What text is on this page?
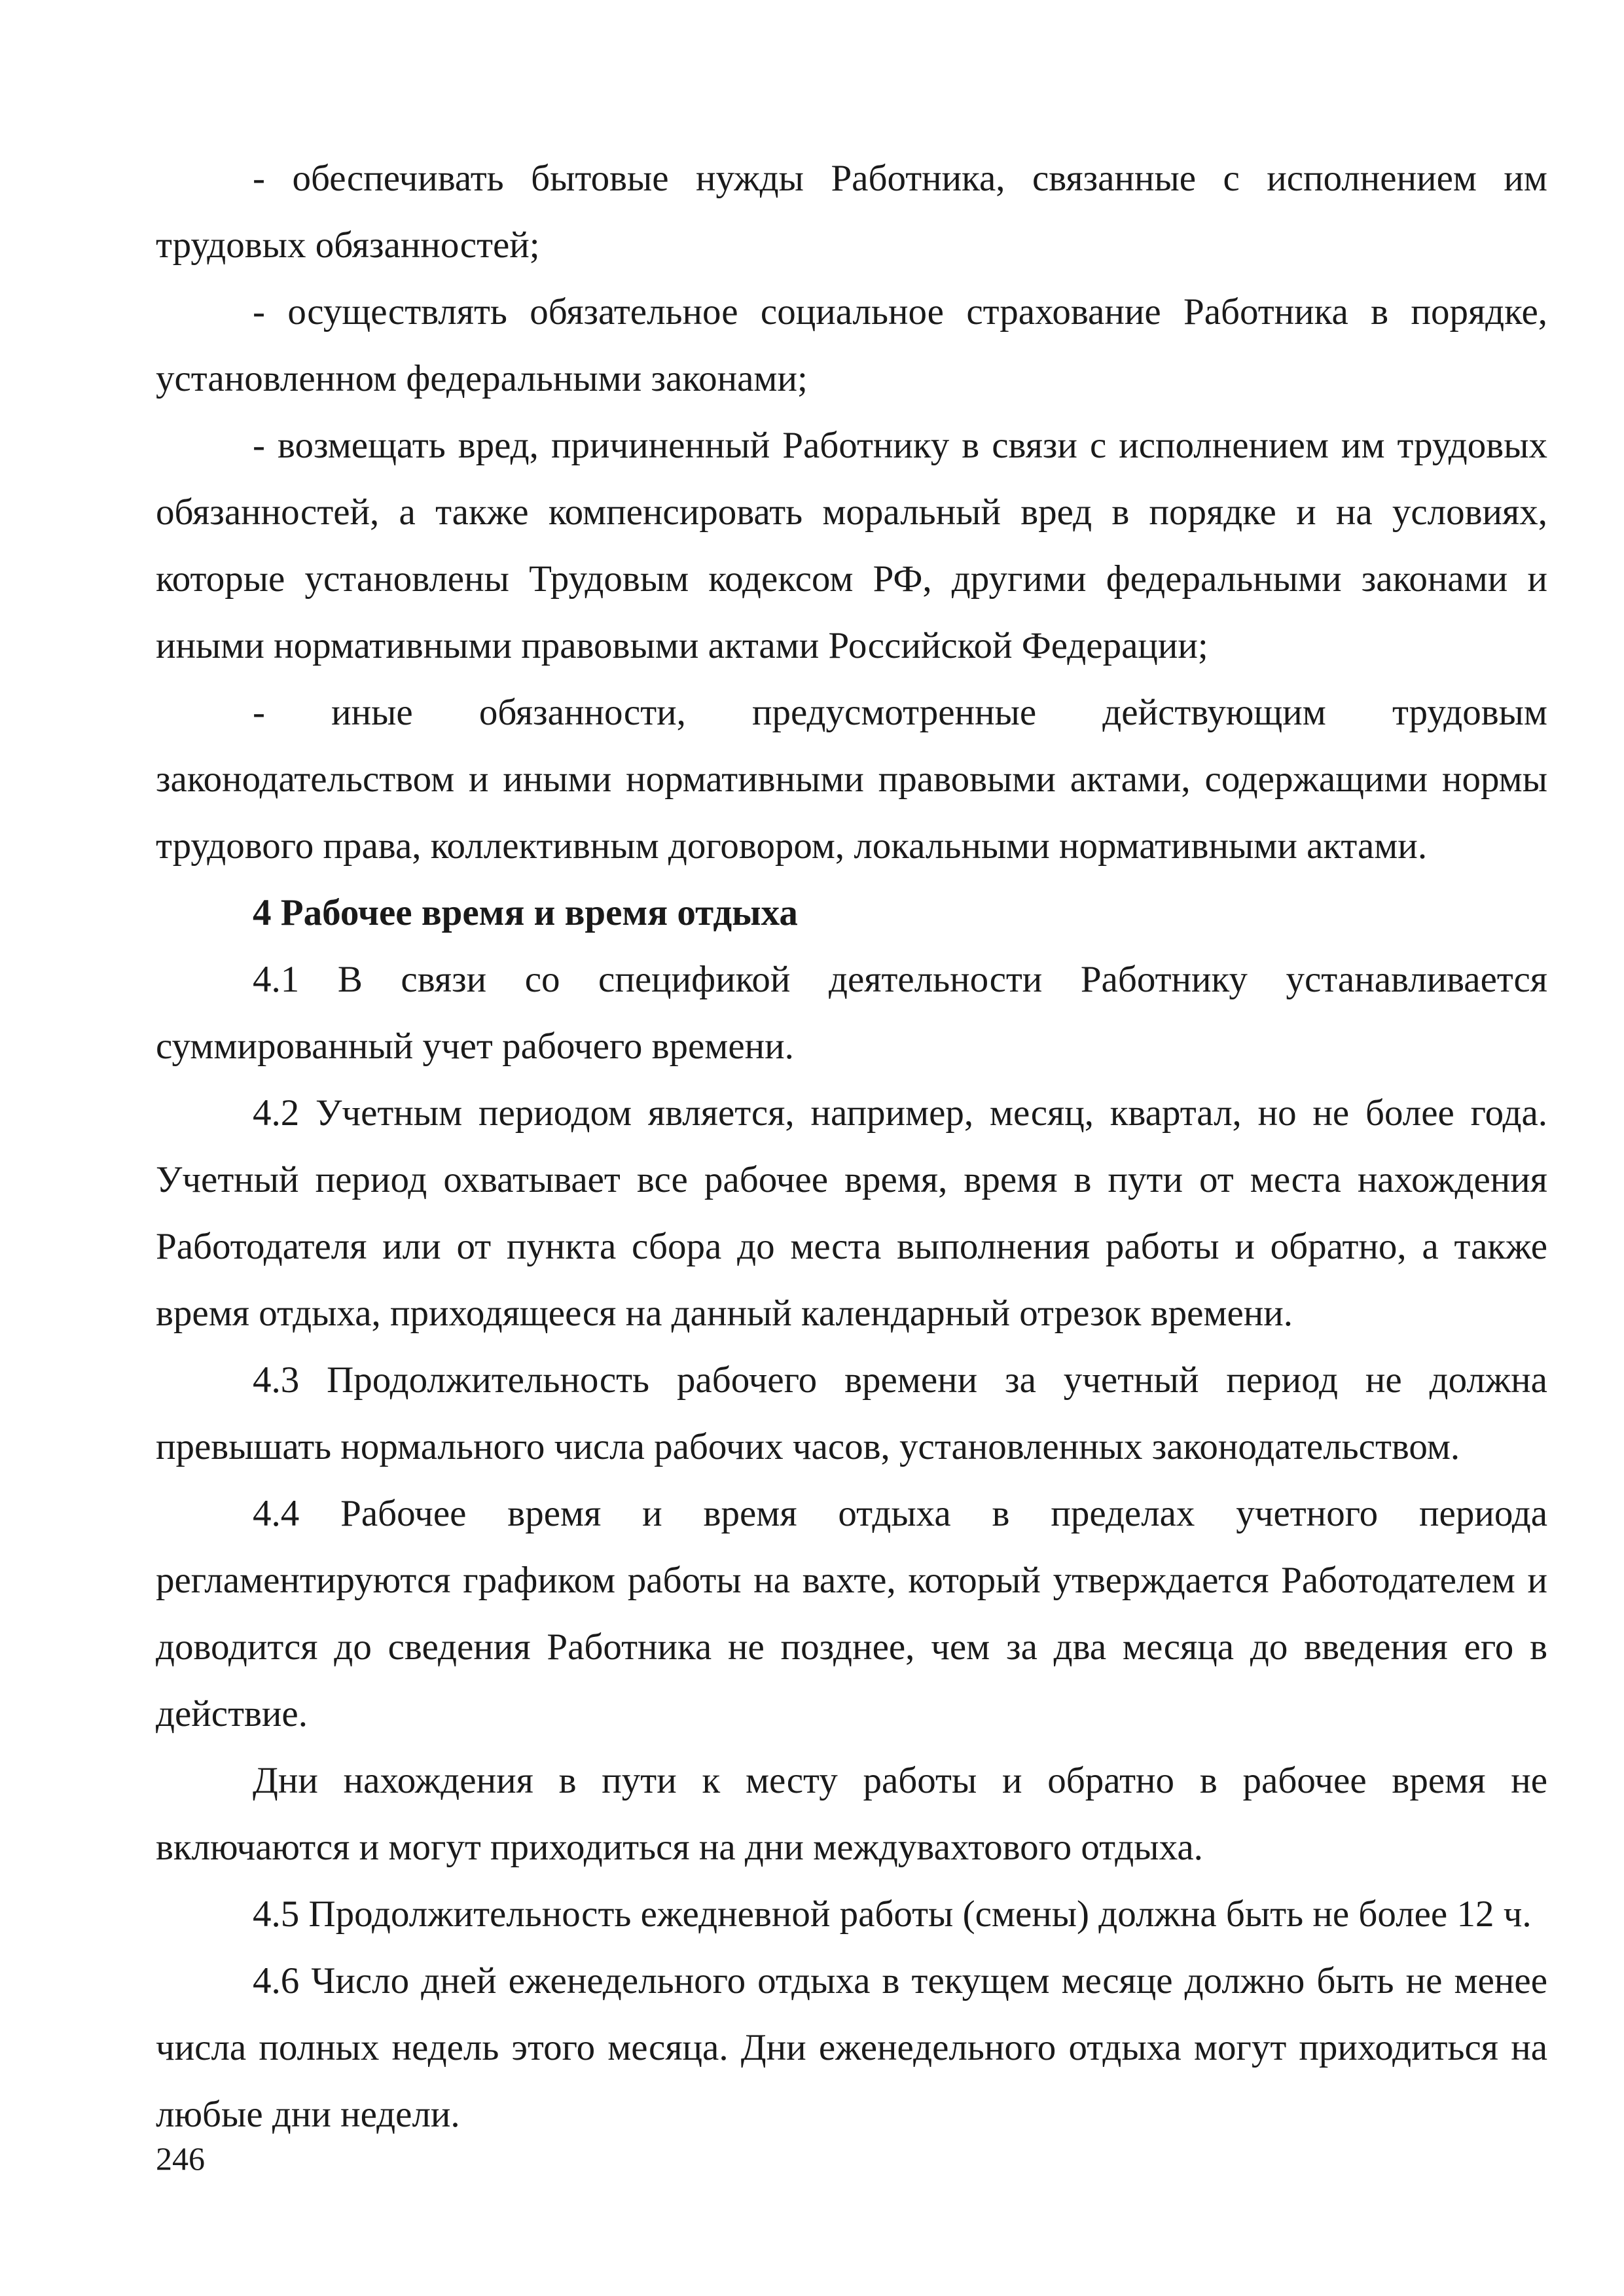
- обеспечивать бытовые нужды Работника, связанные с исполнением им трудовых обязанностей;

- осуществлять обязательное социальное страхование Работника в порядке, установленном федеральными законами;

- возмещать вред, причиненный Работнику в связи с исполнением им трудовых обязанностей, а также компенсировать моральный вред в порядке и на условиях, которые установлены Трудовым кодексом РФ, другими федеральными законами и иными нормативными правовыми актами Российской Федерации;

- иные обязанности, предусмотренные действующим трудовым законодательством и иными нормативными правовыми актами, содержащими нормы трудового права, коллективным договором, локальными нормативными актами.

4 Рабочее время и время отдыха

4.1 В связи со спецификой деятельности Работнику устанавливается суммированный учет рабочего времени.

4.2 Учетным периодом является, например, месяц, квартал, но не более года. Учетный период охватывает все рабочее время, время в пути от места нахождения Работодателя или от пункта сбора до места выполнения работы и обратно, а также время отдыха, приходящееся на данный календарный отрезок времени.

4.3 Продолжительность рабочего времени за учетный период не должна превышать нормального числа рабочих часов, установленных законодательством.

4.4 Рабочее время и время отдыха в пределах учетного периода регламентируются графиком работы на вахте, который утверждается Работодателем и доводится до сведения Работника не позднее, чем за два месяца до введения его в действие.

Дни нахождения в пути к месту работы и обратно в рабочее время не включаются и могут приходиться на дни междувахтового отдыха.

4.5 Продолжительность ежедневной работы (смены) должна быть не более 12 ч.

4.6 Число дней еженедельного отдыха в текущем месяце должно быть не менее числа полных недель этого месяца. Дни еженедельного отдыха могут приходиться на любые дни недели.

246
